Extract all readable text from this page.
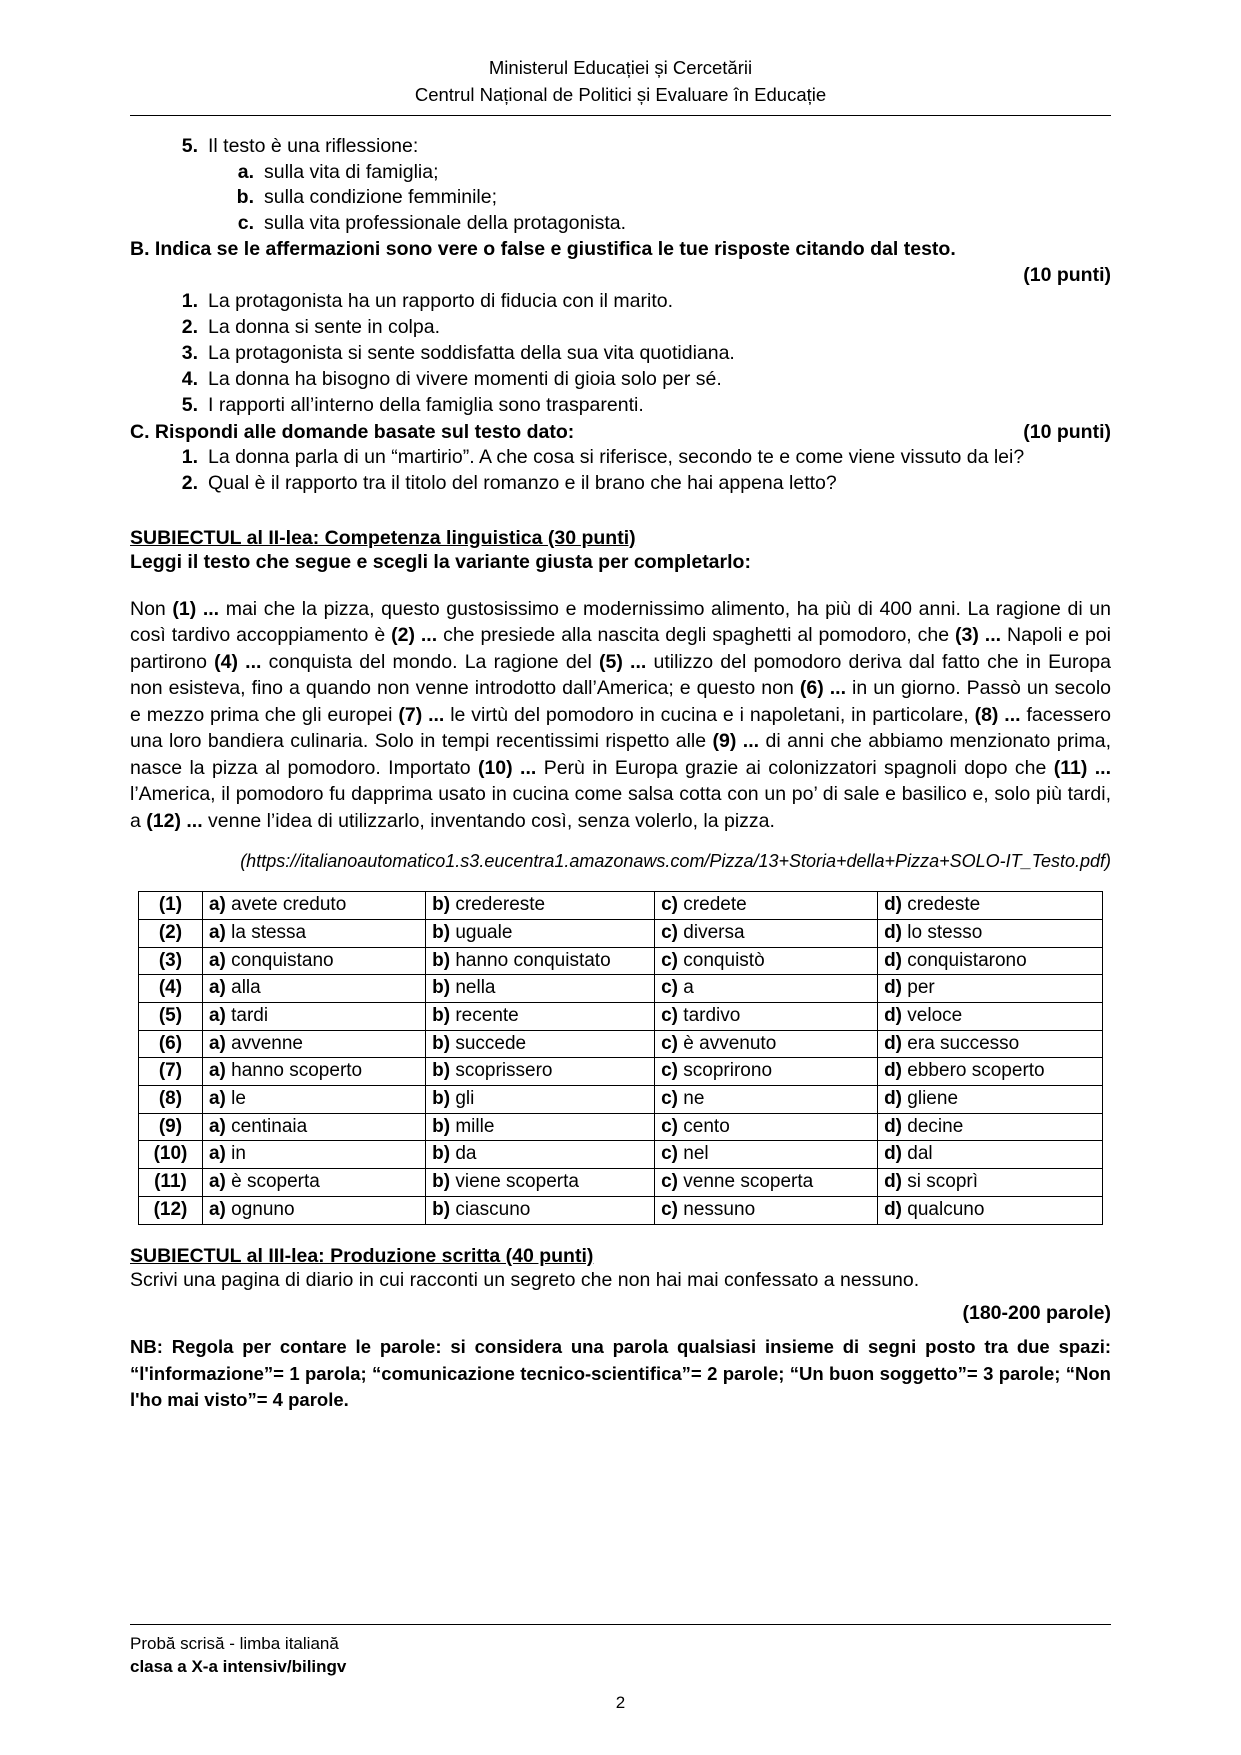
Ministerul Educației și Cercetării
Centrul Național de Politici și Evaluare în Educație
5. Il testo è una riflessione:
a. sulla vita di famiglia;
b. sulla condizione femminile;
c. sulla vita professionale della protagonista.
B. Indica se le affermazioni sono vere o false e giustifica le tue risposte citando dal testo.
(10 punti)
1. La protagonista ha un rapporto di fiducia con il marito.
2. La donna si sente in colpa.
3. La protagonista si sente soddisfatta della sua vita quotidiana.
4. La donna ha bisogno di vivere momenti di gioia solo per sé.
5. I rapporti all’interno della famiglia sono trasparenti.
C. Rispondi alle domande basate sul testo dato:	(10 punti)
1. La donna parla di un “martirio”. A che cosa si riferisce, secondo te e come viene vissuto da lei?
2. Qual è il rapporto tra il titolo del romanzo e il brano che hai appena letto?
SUBIECTUL al II-lea: Competenza linguistica (30 punti)
Leggi il testo che segue e scegli la variante giusta per completarlo:
Non (1) ... mai che la pizza, questo gustosissimo e modernissimo alimento, ha più di 400 anni. La ragione di un così tardivo accoppiamento è (2) ... che presiede alla nascita degli spaghetti al pomodoro, che (3) ... Napoli e poi partirono (4) ... conquista del mondo. La ragione del (5) ... utilizzo del pomodoro deriva dal fatto che in Europa non esisteva, fino a quando non venne introdotto dall’America; e questo non (6) ... in un giorno. Passò un secolo e mezzo prima che gli europei (7) ... le virtù del pomodoro in cucina e i napoletani, in particolare, (8) ... facessero una loro bandiera culinaria. Solo in tempi recentissimi rispetto alle (9) ... di anni che abbiamo menzionato prima, nasce la pizza al pomodoro. Importato (10) ... Perù in Europa grazie ai colonizzatori spagnoli dopo che (11) ... l’America, il pomodoro fu dapprima usato in cucina come salsa cotta con un po’ di sale e basilico e, solo più tardi, a (12) ... venne l’idea di utilizzarlo, inventando così, senza volerlo, la pizza.
(https://italianoautomatico1.s3.eucentra1.amazonaws.com/Pizza/13+Storia+della+Pizza+SOLO-IT_Testo.pdf)
(1)	a) avete creduto	b) credereste	c) credete	d) credeste
(2)	a) la stessa	b) uguale	c) diversa	d) lo stesso
(3)	a) conquistano	b) hanno conquistato	c) conquistò	d) conquistarono
(4)	a) alla	b) nella	c) a	d) per
(5)	a) tardi	b) recente	c) tardivo	d) veloce
(6)	a) avvenne	b) succede	c) è avvenuto	d) era successo
(7)	a) hanno scoperto	b) scoprissero	c) scoprirono	d) ebbero scoperto
(8)	a) le	b) gli	c) ne	d) gliene
(9)	a) centinaia	b) mille	c) cento	d) decine
(10)	a) in	b) da	c) nel	d) dal
(11)	a) è scoperta	b) viene scoperta	c) venne scoperta	d) si scoprì
(12)	a) ognuno	b) ciascuno	c) nessuno	d) qualcuno
SUBIECTUL al III-lea: Produzione scritta (40 punti)
Scrivi una pagina di diario in cui racconti un segreto che non hai mai confessato a nessuno.
(180-200 parole)
NB: Regola per contare le parole: si considera una parola qualsiasi insieme di segni posto tra due spazi: “l'informazione”= 1 parola; “comunicazione tecnico-scientifica”= 2 parole; “Un buon soggetto”= 3 parole; “Non l'ho mai visto”= 4 parole.
Probă scrisă - limba italiană
clasa a X-a intensiv/bilingv
2
